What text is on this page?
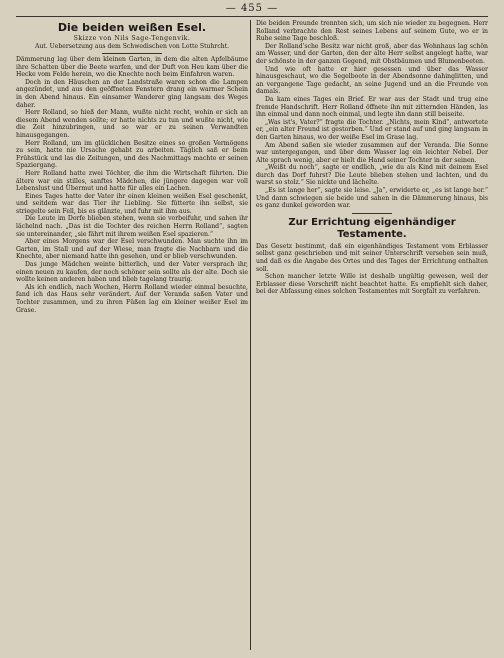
— 455 —
Die beiden weißen Esel.
Skizze von Nils Sage-Tengenvik.
Aut. Uebersetzung aus dem Schwedischen von Lotte Stuhrcht.

Dämmerung lag über dem kleinen Garten, in dem die alten Apfelbäume ihre Schatten über die Beete warfen, und der Duft von Heu kam über die Hecke vom Felde herein, wo die Knechte noch beim Einfahren waren.

Doch in den Häuschen an der Landstraße waren schon die Lampen angezündet, und aus den geöffneten Fenstern drang ein warmer Schein in den Abend hinaus. Ein einsamer Wanderer ging langsam des Weges daher.

Herr Rolland, so hieß der Mann, wußte nicht recht, wohin er sich an diesem Abend wenden sollte; er hatte nichts zu tun und wußte nicht, wie die Zeit hinzubringen, und so war er zu seinen Verwandten hinausgegangen.

Herr Rolland, um im glücklichen Besitze eines so großen Vermögens zu sein, hatte nie Ursache gehabt zu arbeiten. Täglich saß er beim Frühstück und las die Zeitungen, und des Nachmittags machte er seinen Spaziergang.

Herr Rolland hatte zwei Töchter, die ihm die Wirtschaft führten. Die ältere war ein stilles, sanftes Mädchen, die jüngere dagegen war voll Lebenslust und Übermut und hatte für alles ein Lachen.

Eines Tages hatte der Vater ihr einen kleinen weißen Esel geschenkt, und seitdem war das Tier ihr Liebling. Sie fütterte ihn selbst, sie striegelte sein Fell, bis es glänzte, und fuhr mit ihm aus.

Die Leute im Dorfe blieben stehen, wenn sie vorbeifuhr, und sahen ihr lächelnd nach. „Das ist die Tochter des reichen Herrn Rolland“, sagten sie untereinander, „sie fährt mit ihrem weißen Esel spazieren.“

Aber eines Morgens war der Esel verschwunden. Man suchte ihn im Garten, im Stall und auf der Wiese, man fragte die Nachbarn und die Knechte, aber niemand hatte ihn gesehen, und er blieb verschwunden.

Das junge Mädchen weinte bitterlich, und der Vater versprach ihr, einen neuen zu kaufen, der noch schöner sein sollte als der alte. Doch sie wollte keinen anderen haben und blieb tagelang traurig.

Als ich endlich, nach Wochen, Herrn Rolland wieder einmal besuchte, fand ich das Haus sehr verändert. Auf der Veranda saßen Vater und Tochter zusammen, und zu ihren Füßen lag ein kleiner weißer Esel im Grase.

Die beiden Freunde trennten sich, um sich nie wieder zu begegnen. Herr Rolland verbrachte den Rest seines Lebens auf seinem Gute, wo er in Ruhe seine Tage beschloß.

Der Rolland'sche Besitz war nicht groß, aber das Wohnhaus lag schön am Wasser, und der Garten, den der alte Herr selbst angelegt hatte, war der schönste in der ganzen Gegend, mit Obstbäumen und Blumenbeeten.

Und wie oft hatte er hier gesessen und über das Wasser hinausgeschaut, wo die Segelboote in der Abendsonne dahinglitten, und an vergangene Tage gedacht, an seine Jugend und an die Freunde von damals.

Da kam eines Tages ein Brief. Er war aus der Stadt und trug eine fremde Handschrift. Herr Rolland öffnete ihn mit zitternden Händen, las ihn einmal und dann noch einmal, und legte ihn dann still beiseite.

„Was ist's, Vater?“ fragte die Tochter. „Nichts, mein Kind“, antwortete er, „ein alter Freund ist gestorben.“ Und er stand auf und ging langsam in den Garten hinaus, wo der weiße Esel im Grase lag.

Am Abend saßen sie wieder zusammen auf der Veranda. Die Sonne war untergegangen, und über dem Wasser lag ein leichter Nebel. Der Alte sprach wenig, aber er hielt die Hand seiner Tochter in der seinen.

„Weißt du noch“, sagte er endlich, „wie du als Kind mit deinem Esel durch das Dorf fuhrst? Die Leute blieben stehen und lachten, und du warst so stolz.“ Sie nickte und lächelte.

„Es ist lange her“, sagte sie leise. „Ja“, erwiderte er, „es ist lange her.“ Und dann schwiegen sie beide und sahen in die Dämmerung hinaus, bis es ganz dunkel geworden war.

Zur Errichtung eigenhändiger Testamente.

Das Gesetz bestimmt, daß ein eigenhändiges Testament vom Erblasser selbst ganz geschrieben und mit seiner Unterschrift versehen sein muß, und daß es die Angabe des Ortes und des Tages der Errichtung enthalten soll.

Schon mancher letzte Wille ist deshalb ungültig gewesen, weil der Erblasser diese Vorschrift nicht beachtet hatte. Es empfiehlt sich daher, bei der Abfassung eines solchen Testamentes mit Sorgfalt zu verfahren.
